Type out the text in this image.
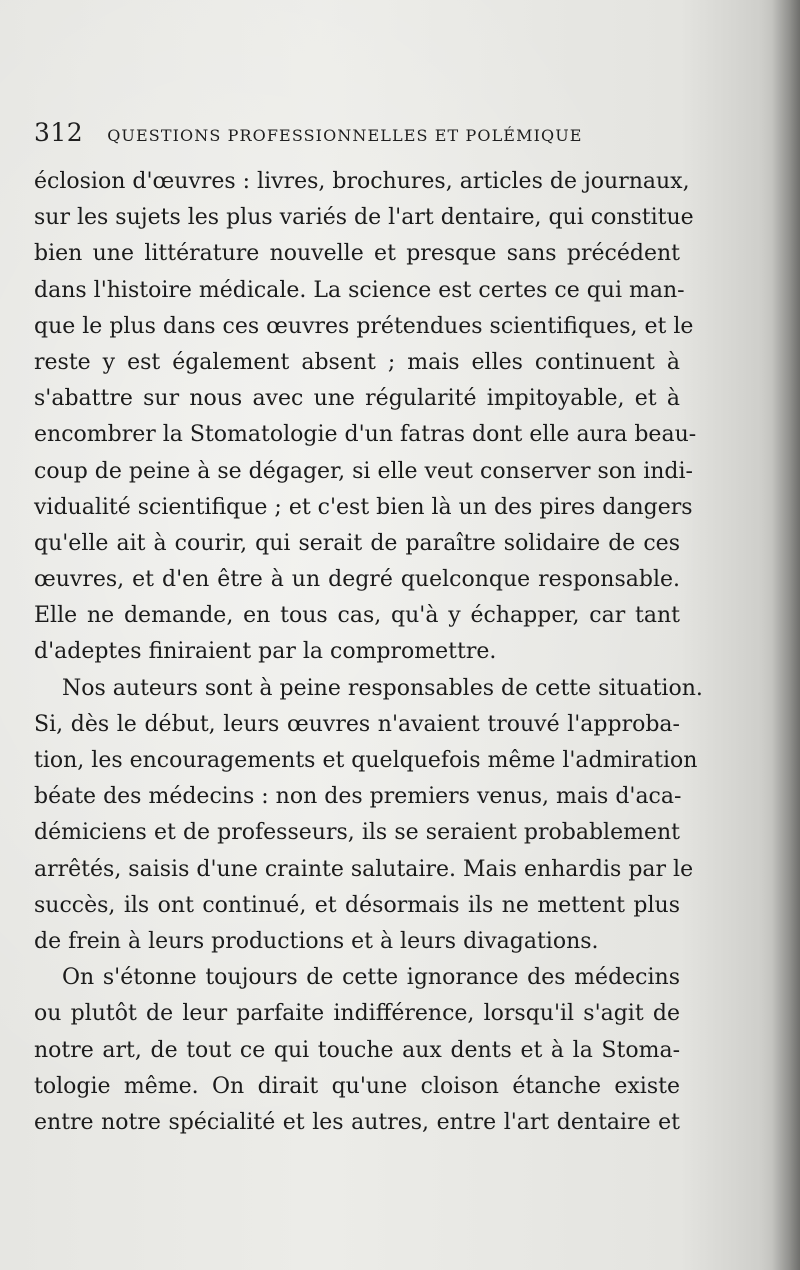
312 QUESTIONS PROFESSIONNELLES ET POLÉMIQUE
éclosion d'œuvres : livres, brochures, articles de journaux,
sur les sujets les plus variés de l'art dentaire, qui constitue
bien une littérature nouvelle et presque sans précédent
dans l'histoire médicale. La science est certes ce qui man-
que le plus dans ces œuvres prétendues scientifiques, et le
reste y est également absent ; mais elles continuent à
s'abattre sur nous avec une régularité impitoyable, et à
encombrer la Stomatologie d'un fatras dont elle aura beau-
coup de peine à se dégager, si elle veut conserver son indi-
vidualité scientifique ; et c'est bien là un des pires dangers
qu'elle ait à courir, qui serait de paraître solidaire de ces
œuvres, et d'en être à un degré quelconque responsable.
Elle ne demande, en tous cas, qu'à y échapper, car tant
d'adeptes finiraient par la compromettre.
Nos auteurs sont à peine responsables de cette situation.
Si, dès le début, leurs œuvres n'avaient trouvé l'approba-
tion, les encouragements et quelquefois même l'admiration
béate des médecins : non des premiers venus, mais d'aca-
démiciens et de professeurs, ils se seraient probablement
arrêtés, saisis d'une crainte salutaire. Mais enhardis par le
succès, ils ont continué, et désormais ils ne mettent plus
de frein à leurs productions et à leurs divagations.
On s'étonne toujours de cette ignorance des médecins
ou plutôt de leur parfaite indifférence, lorsqu'il s'agit de
notre art, de tout ce qui touche aux dents et à la Stoma-
tologie même. On dirait qu'une cloison étanche existe
entre notre spécialité et les autres, entre l'art dentaire et
